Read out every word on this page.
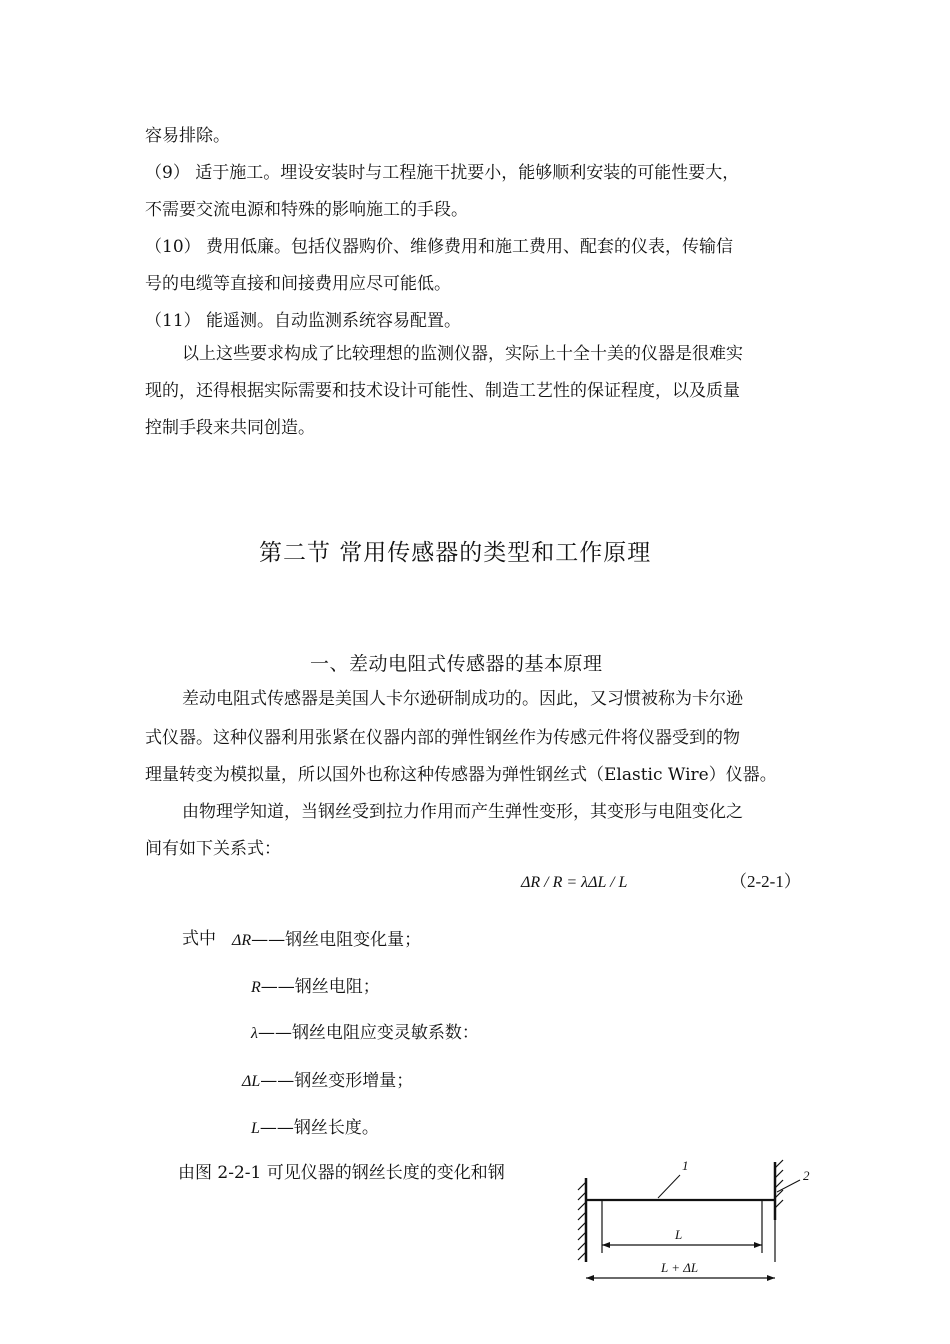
容易排除。
（9） 适于施工。埋设安装时与工程施干扰要小，能够顺利安装的可能性要大，
不需要交流电源和特殊的影响施工的手段。
（10） 费用低廉。包括仪器购价、维修费用和施工费用、配套的仪表，传输信
号的电缆等直接和间接费用应尽可能低。
（11） 能遥测。自动监测系统容易配置。
以上这些要求构成了比较理想的监测仪器，实际上十全十美的仪器是很难实
现的，还得根据实际需要和技术设计可能性、制造工艺性的保证程度，以及质量
控制手段来共同创造。
第二节 常用传感器的类型和工作原理
一、差动电阻式传感器的基本原理
差动电阻式传感器是美国人卡尔逊研制成功的。因此，又习惯被称为卡尔逊
式仪器。这种仪器利用张紧在仪器内部的弹性钢丝作为传感元件将仪器受到的物
理量转变为模拟量，所以国外也称这种传感器为弹性钢丝式（Elastic Wire）仪器。
由物理学知道，当钢丝受到拉力作用而产生弹性变形，其变形与电阻变化之
间有如下关系式：
ΔR / R = λΔL / L	（2-2-1）
式中 ΔR——钢丝电阻变化量；
R——钢丝电阻；
λ——钢丝电阻应变灵敏系数：
ΔL——钢丝变形增量；
L——钢丝长度。
由图 2-2-1 可见仪器的钢丝长度的变化和钢	1
2
L
L + ΔL
